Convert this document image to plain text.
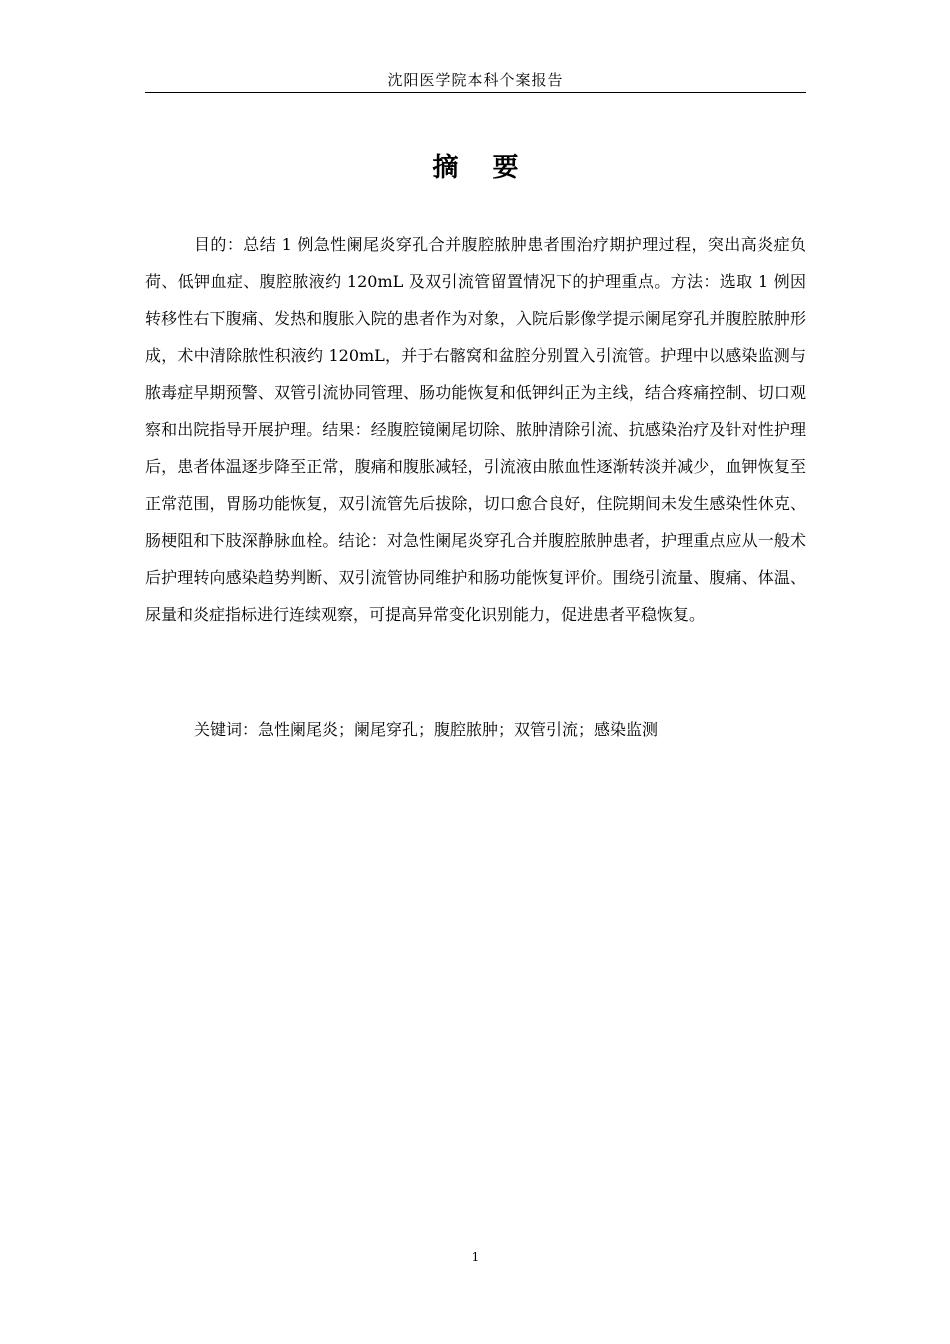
沈阳医学院本科个案报告
摘要

目的：总结 1 例急性阑尾炎穿孔合并腹腔脓肿患者围治疗期护理过程，突出高炎症负荷、低钾血症、腹腔脓液约 120mL 及双引流管留置情况下的护理重点。方法：选取 1 例因转移性右下腹痛、发热和腹胀入院的患者作为对象，入院后影像学提示阑尾穿孔并腹腔脓肿形成，术中清除脓性积液约 120mL，并于右髂窝和盆腔分别置入引流管。护理中以感染监测与脓毒症早期预警、双管引流协同管理、肠功能恢复和低钾纠正为主线，结合疼痛控制、切口观察和出院指导开展护理。结果：经腹腔镜阑尾切除、脓肿清除引流、抗感染治疗及针对性护理后，患者体温逐步降至正常，腹痛和腹胀减轻，引流液由脓血性逐渐转淡并减少，血钾恢复至正常范围，胃肠功能恢复，双引流管先后拔除，切口愈合良好，住院期间未发生感染性休克、肠梗阻和下肢深静脉血栓。结论：对急性阑尾炎穿孔合并腹腔脓肿患者，护理重点应从一般术后护理转向感染趋势判断、双引流管协同维护和肠功能恢复评价。围绕引流量、腹痛、体温、尿量和炎症指标进行连续观察，可提高异常变化识别能力，促进患者平稳恢复。

关键词：急性阑尾炎；阑尾穿孔；腹腔脓肿；双管引流；感染监测

1
